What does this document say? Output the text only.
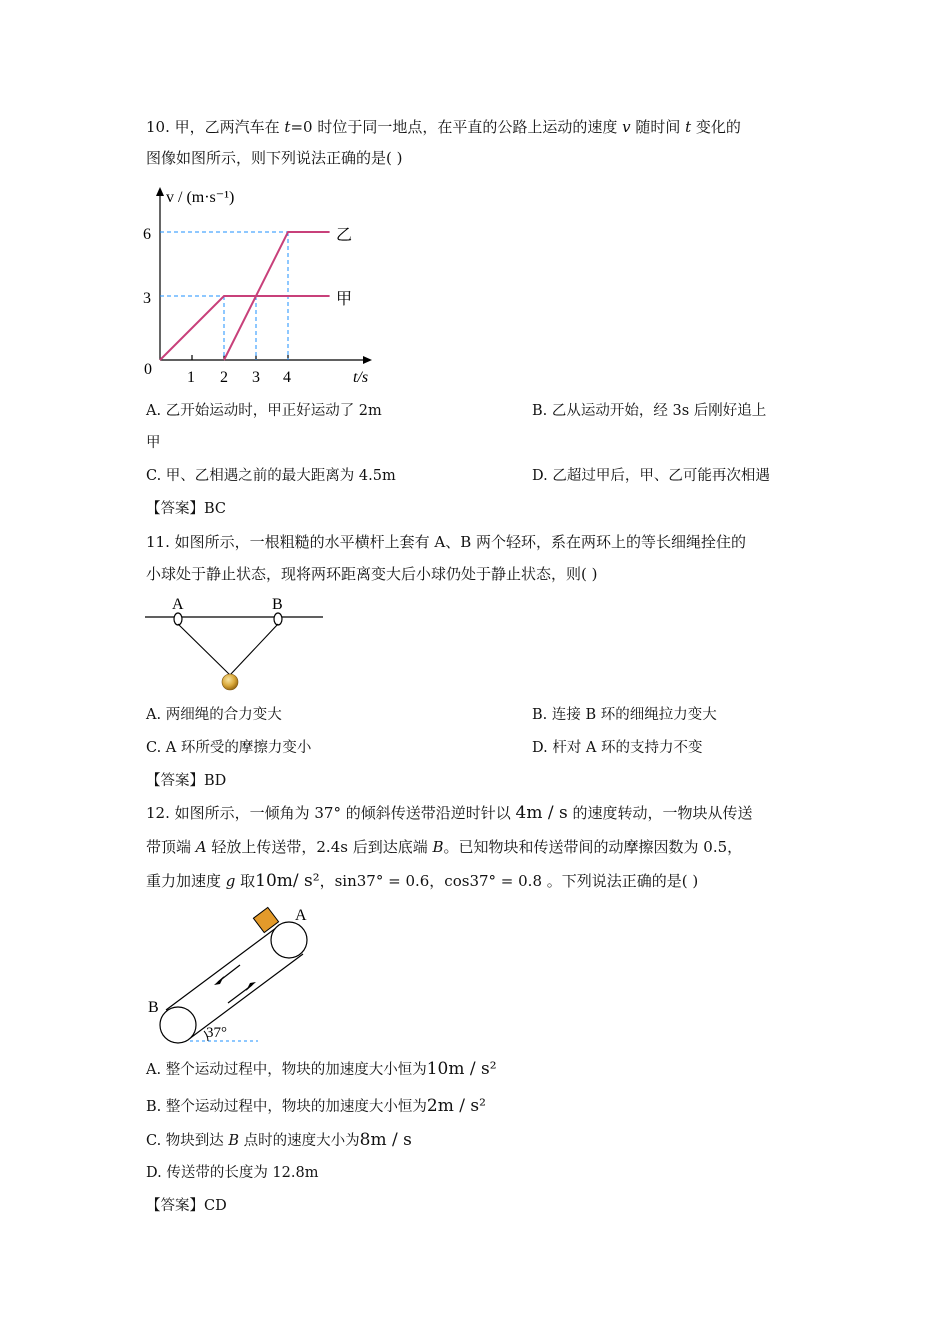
10. 甲，乙两汽车在 t=0 时位于同一地点，在平直的公路上运动的速度 v 随时间 t 变化的
图像如图所示，则下列说法正确的是( )
v / (m·s⁻¹)
t/s
0 1 2 3 4
3
6
甲
乙
A. 乙开始运动时，甲正好运动了 2m	B. 乙从运动开始，经 3s 后刚好追上
甲
C. 甲、乙相遇之前的最大距离为 4.5m	D. 乙超过甲后，甲、乙可能再次相遇
【答案】BC
11. 如图所示，一根粗糙的水平横杆上套有 A、B 两个轻环，系在两环上的等长细绳拴住的
小球处于静止状态，现将两环距离变大后小球仍处于静止状态，则( )
A	B
A. 两细绳的合力变大	B. 连接 B 环的细绳拉力变大
C. A 环所受的摩擦力变小	D. 杆对 A 环的支持力不变
【答案】BD
12. 如图所示，一倾角为 37° 的倾斜传送带沿逆时针以 4m / s 的速度转动，一物块从传送
带顶端 A 轻放上传送带，2.4s 后到达底端 B。已知物块和传送带间的动摩擦因数为 0.5，
重力加速度 g 取10m/ s²，sin37° = 0.6，cos37° = 0.8 。下列说法正确的是( )
37°
A
B
A. 整个运动过程中，物块的加速度大小恒为10m / s²
B. 整个运动过程中，物块的加速度大小恒为2m / s²
C. 物块到达 B 点时的速度大小为8m / s
D. 传送带的长度为 12.8m
【答案】CD
